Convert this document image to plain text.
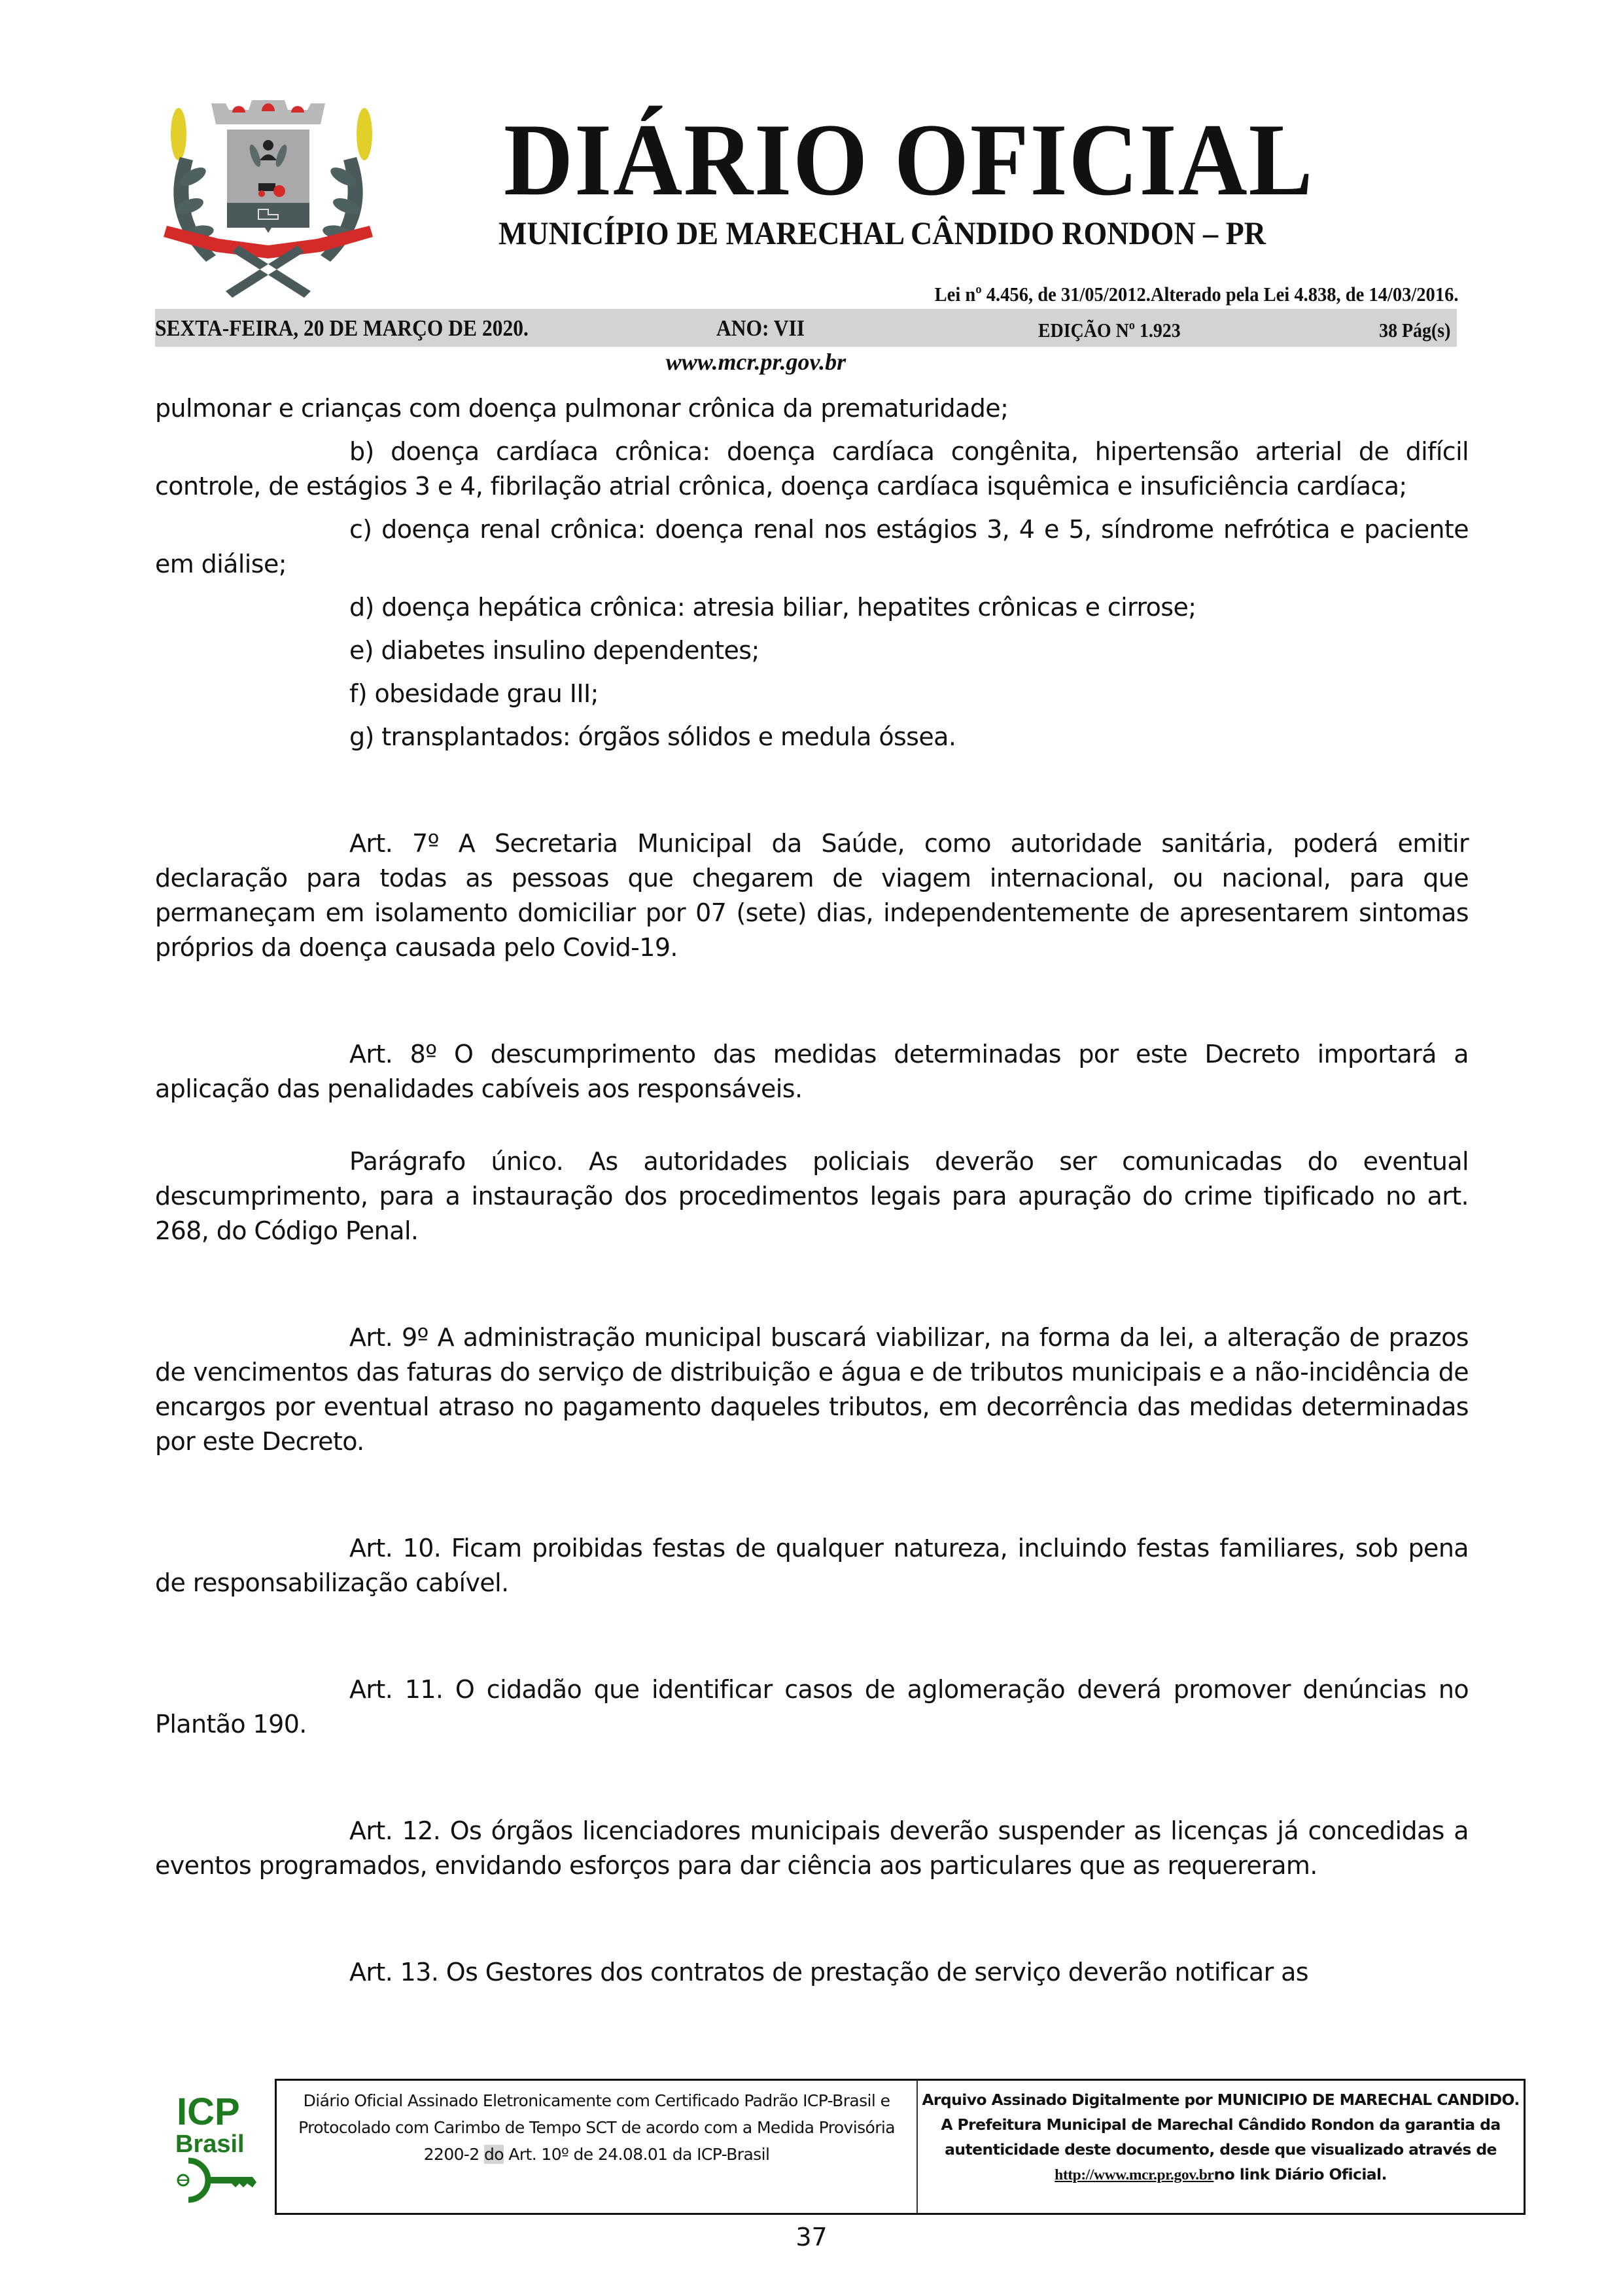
DIÁRIO OFICIAL
MUNICÍPIO DE MARECHAL CÂNDIDO RONDON – PR
Lei nº 4.456, de 31/05/2012.Alterado pela Lei 4.838, de 14/03/2016.
SEXTA-FEIRA, 20 DE MARÇO DE 2020.	ANO: VII	EDIÇÃO Nº 1.923	38 Pág(s)
www.mcr.pr.gov.br

pulmonar e crianças com doença pulmonar crônica da prematuridade;

b) doença cardíaca crônica: doença cardíaca congênita, hipertensão arterial de difícil controle, de estágios 3 e 4, fibrilação atrial crônica, doença cardíaca isquêmica e insuficiência cardíaca;

c) doença renal crônica: doença renal nos estágios 3, 4 e 5, síndrome nefrótica e paciente em diálise;

d) doença hepática crônica: atresia biliar, hepatites crônicas e cirrose;

e) diabetes insulino dependentes;

f) obesidade grau III;

g) transplantados: órgãos sólidos e medula óssea.

Art. 7º A Secretaria Municipal da Saúde, como autoridade sanitária, poderá emitir declaração para todas as pessoas que chegarem de viagem internacional, ou nacional, para que permaneçam em isolamento domiciliar por 07 (sete) dias, independentemente de apresentarem sintomas próprios da doença causada pelo Covid-19.

Art. 8º O descumprimento das medidas determinadas por este Decreto importará a aplicação das penalidades cabíveis aos responsáveis.

Parágrafo único. As autoridades policiais deverão ser comunicadas do eventual descumprimento, para a instauração dos procedimentos legais para apuração do crime tipificado no art. 268, do Código Penal.

Art. 9º A administração municipal buscará viabilizar, na forma da lei, a alteração de prazos de vencimentos das faturas do serviço de distribuição e água e de tributos municipais e a não-incidência de encargos por eventual atraso no pagamento daqueles tributos, em decorrência das medidas determinadas por este Decreto.

Art. 10. Ficam proibidas festas de qualquer natureza, incluindo festas familiares, sob pena de responsabilização cabível.

Art. 11. O cidadão que identificar casos de aglomeração deverá promover denúncias no Plantão 190.

Art. 12. Os órgãos licenciadores municipais deverão suspender as licenças já concedidas a eventos programados, envidando esforços para dar ciência aos particulares que as requereram.

Art. 13. Os Gestores dos contratos de prestação de serviço deverão notificar as

ICP
Brasil
Diário Oficial Assinado Eletronicamente com Certificado Padrão ICP-Brasil e Protocolado com Carimbo de Tempo SCT de acordo com a Medida Provisória 2200-2 do Art. 10º de 24.08.01 da ICP-Brasil
Arquivo Assinado Digitalmente por MUNICIPIO DE MARECHAL CANDIDO. A Prefeitura Municipal de Marechal Cândido Rondon da garantia da autenticidade deste documento, desde que visualizado através de
http://www.mcr.pr.gov.brno link Diário Oficial.
37
